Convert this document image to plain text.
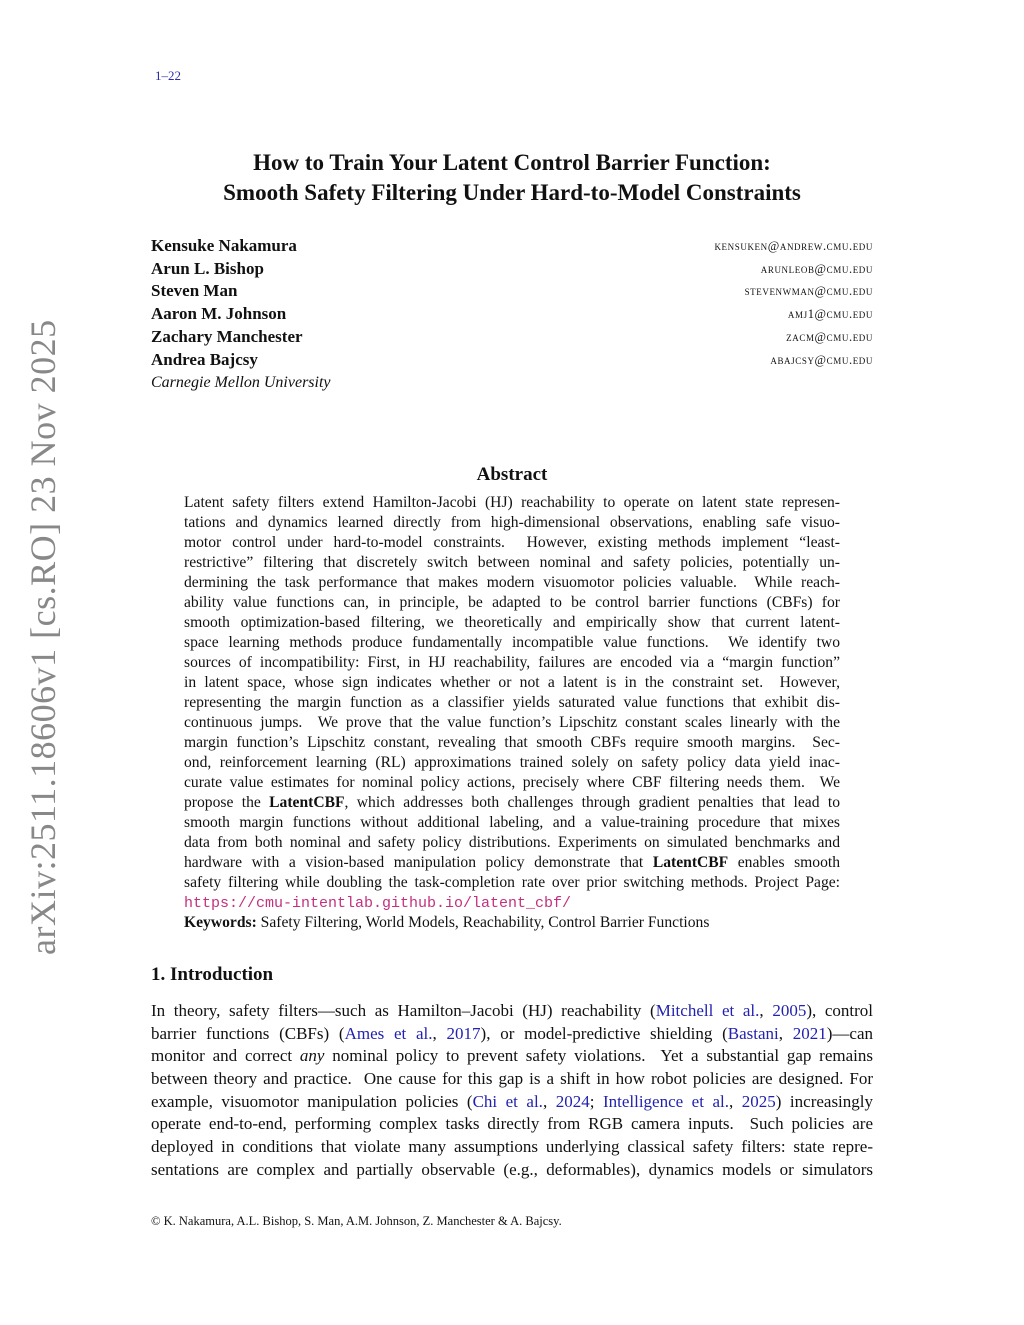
1–22
How to Train Your Latent Control Barrier Function:
Smooth Safety Filtering Under Hard-to-Model Constraints
Kensuke Nakamura
Arun L. Bishop
Steven Man
Aaron M. Johnson
Zachary Manchester
Andrea Bajcsy
kensuken@andrew.cmu.edu
arunleob@cmu.edu
stevenwman@cmu.edu
amj1@cmu.edu
zacm@cmu.edu
abajcsy@cmu.edu
Carnegie Mellon University
arXiv:2511.18606v1 [cs.RO] 23 Nov 2025	Abstract
Latent safety filters extend Hamilton-Jacobi (HJ) reachability to operate on latent state represen-
tations and dynamics learned directly from high-dimensional observations, enabling safe visuo-
motor control under hard-to-model constraints.  However, existing methods implement “least-
restrictive” filtering that discretely switch between nominal and safety policies, potentially un-
dermining the task performance that makes modern visuomotor policies valuable.  While reach-
ability value functions can, in principle, be adapted to be control barrier functions (CBFs) for
smooth optimization-based filtering, we theoretically and empirically show that current latent-
space learning methods produce fundamentally incompatible value functions.  We identify two
sources of incompatibility: First, in HJ reachability, failures are encoded via a “margin function”
in latent space, whose sign indicates whether or not a latent is in the constraint set.  However,
representing the margin function as a classifier yields saturated value functions that exhibit dis-
continuous jumps.  We prove that the value function’s Lipschitz constant scales linearly with the
margin function’s Lipschitz constant, revealing that smooth CBFs require smooth margins.  Sec-
ond, reinforcement learning (RL) approximations trained solely on safety policy data yield inac-
curate value estimates for nominal policy actions, precisely where CBF filtering needs them.  We
propose the LatentCBF, which addresses both challenges through gradient penalties that lead to
smooth margin functions without additional labeling, and a value-training procedure that mixes
data from both nominal and safety policy distributions. Experiments on simulated benchmarks and
hardware with a vision-based manipulation policy demonstrate that LatentCBF enables smooth
safety filtering while doubling the task-completion rate over prior switching methods. Project Page:
https://cmu-intentlab.github.io/latent_cbf/
Keywords: Safety Filtering, World Models, Reachability, Control Barrier Functions
1. Introduction
In theory, safety filters—such as Hamilton–Jacobi (HJ) reachability (Mitchell et al., 2005), control
barrier functions (CBFs) (Ames et al., 2017), or model-predictive shielding (Bastani, 2021)—can
monitor and correct any nominal policy to prevent safety violations.  Yet a substantial gap remains
between theory and practice.  One cause for this gap is a shift in how robot policies are designed. For
example, visuomotor manipulation policies (Chi et al., 2024; Intelligence et al., 2025) increasingly
operate end-to-end, performing complex tasks directly from RGB camera inputs.  Such policies are
deployed in conditions that violate many assumptions underlying classical safety filters: state repre-
sentations are complex and partially observable (e.g., deformables), dynamics models or simulators
© K. Nakamura, A.L. Bishop, S. Man, A.M. Johnson, Z. Manchester & A. Bajcsy.
